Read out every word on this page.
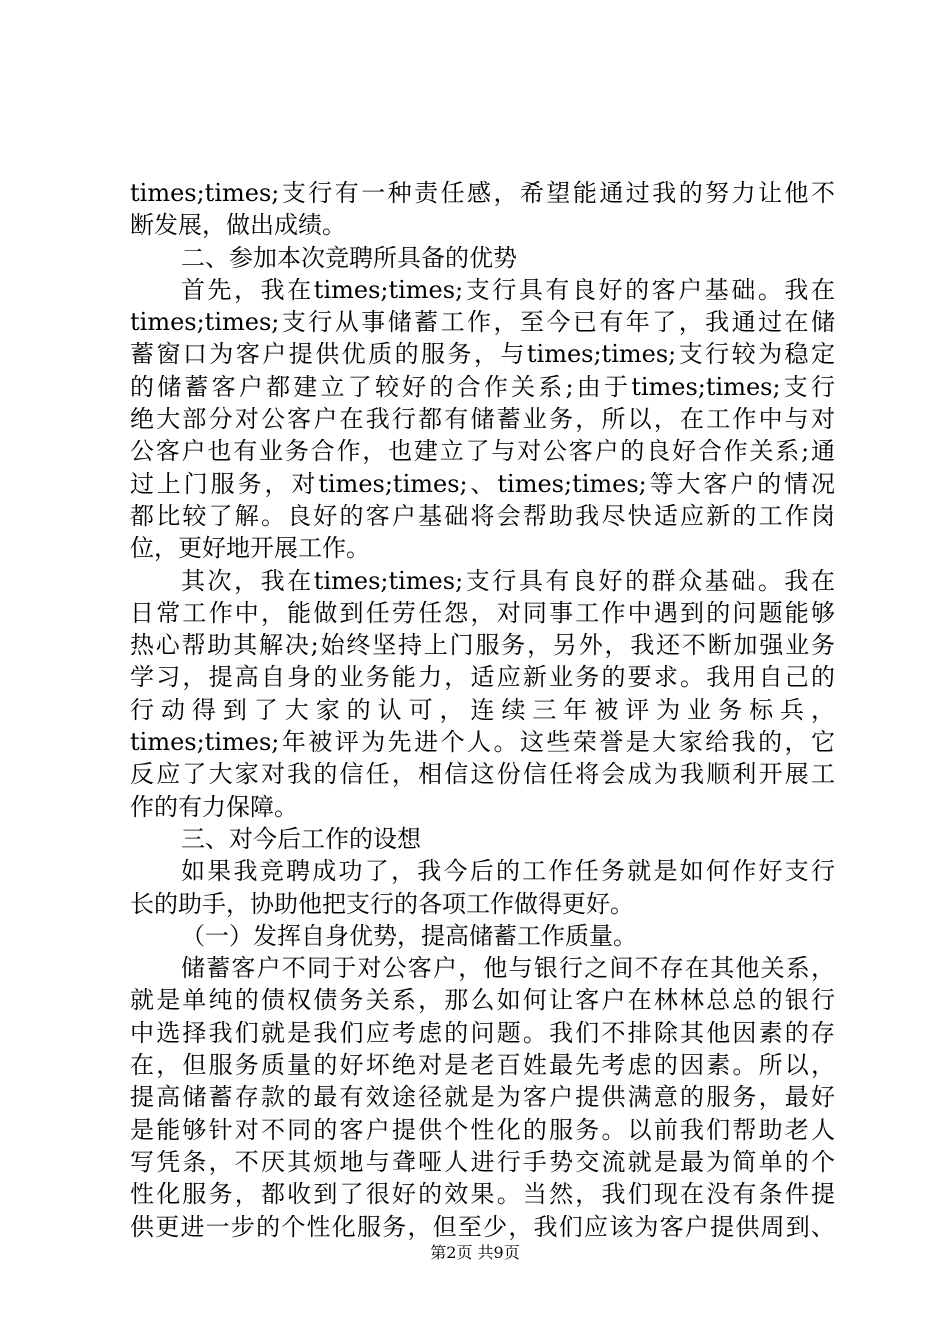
times;times;支行有一种责任感，希望能通过我的努力让他不
断发展，做出成绩。
二、参加本次竞聘所具备的优势
首先，我在times;times;支行具有良好的客户基础。我在
times;times;支行从事储蓄工作，至今已有年了，我通过在储
蓄窗口为客户提供优质的服务，与times;times;支行较为稳定
的储蓄客户都建立了较好的合作关系;由于times;times;支行
绝大部分对公客户在我行都有储蓄业务，所以，在工作中与对
公客户也有业务合作，也建立了与对公客户的良好合作关系;通
过上门服务，对times;times;、times;times;等大客户的情况
都比较了解。良好的客户基础将会帮助我尽快适应新的工作岗
位，更好地开展工作。
其次，我在times;times;支行具有良好的群众基础。我在
日常工作中，能做到任劳任怨，对同事工作中遇到的问题能够
热心帮助其解决;始终坚持上门服务，另外，我还不断加强业务
学习，提高自身的业务能力，适应新业务的要求。我用自己的
行动得到了大家的认可，连续三年被评为业务标兵，
times;times;年被评为先进个人。这些荣誉是大家给我的，它
反应了大家对我的信任，相信这份信任将会成为我顺利开展工
作的有力保障。
三、对今后工作的设想
如果我竞聘成功了，我今后的工作任务就是如何作好支行
长的助手，协助他把支行的各项工作做得更好。
（一）发挥自身优势，提高储蓄工作质量。
储蓄客户不同于对公客户，他与银行之间不存在其他关系，
就是单纯的债权债务关系，那么如何让客户在林林总总的银行
中选择我们就是我们应考虑的问题。我们不排除其他因素的存
在，但服务质量的好坏绝对是老百姓最先考虑的因素。所以，
提高储蓄存款的最有效途径就是为客户提供满意的服务，最好
是能够针对不同的客户提供个性化的服务。以前我们帮助老人
写凭条，不厌其烦地与聋哑人进行手势交流就是最为简单的个
性化服务，都收到了很好的效果。当然，我们现在没有条件提
供更进一步的个性化服务，但至少，我们应该为客户提供周到、
第2页 共9页
